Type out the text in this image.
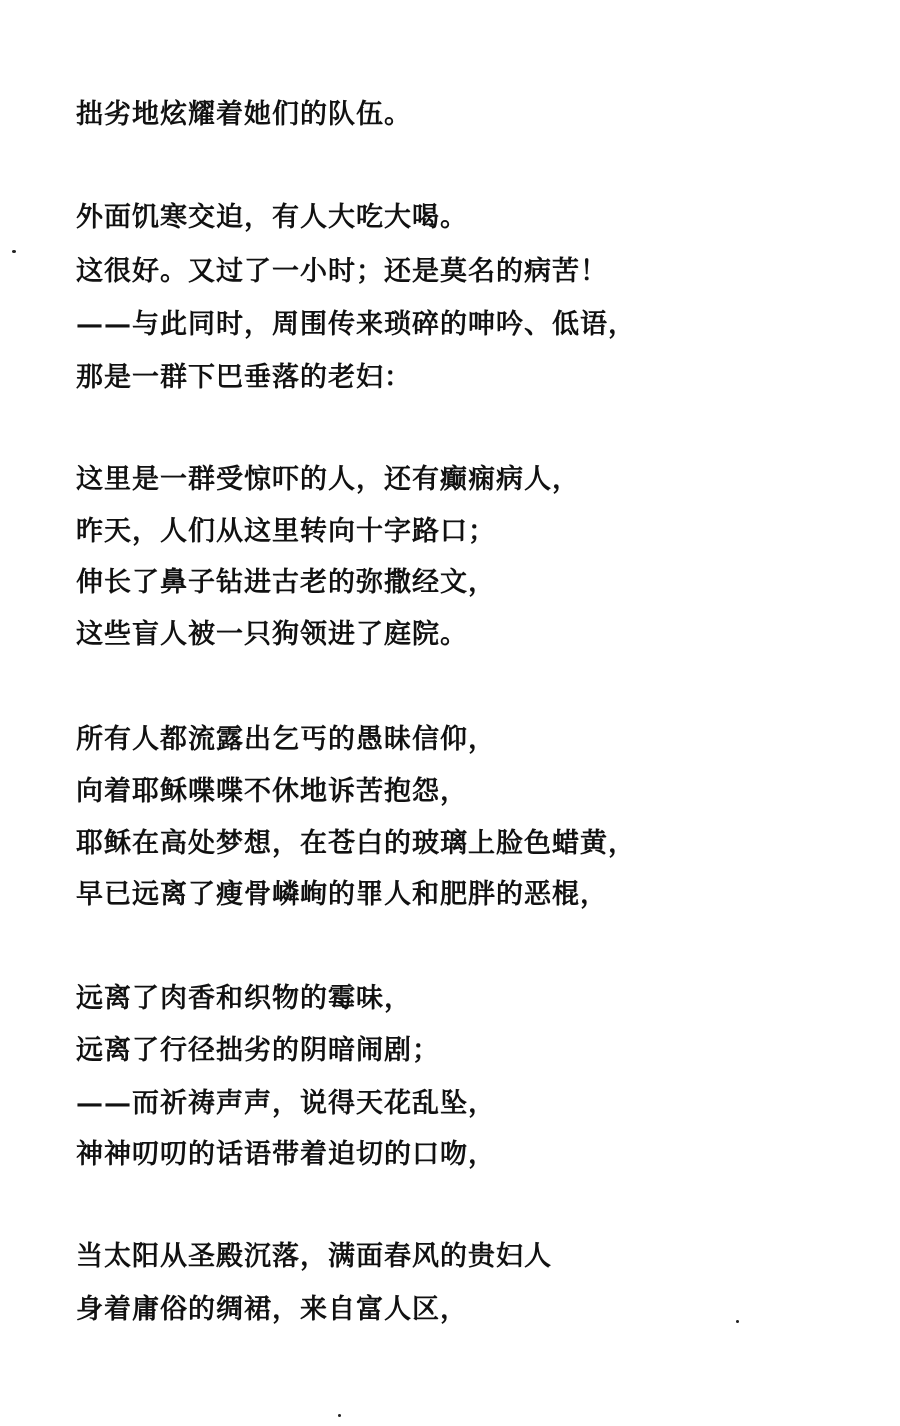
拙劣地炫耀着她们的队伍。
外面饥寒交迫，有人大吃大喝。
这很好。又过了一小时；还是莫名的病苦！
——与此同时，周围传来琐碎的呻吟、低语，
那是一群下巴垂落的老妇：
这里是一群受惊吓的人，还有癫痫病人，
昨天，人们从这里转向十字路口；
伸长了鼻子钻进古老的弥撒经文，
这些盲人被一只狗领进了庭院。
所有人都流露出乞丐的愚昧信仰，
向着耶稣喋喋不休地诉苦抱怨，
耶稣在高处梦想，在苍白的玻璃上脸色蜡黄，
早已远离了瘦骨嶙峋的罪人和肥胖的恶棍，
远离了肉香和织物的霉味，
远离了行径拙劣的阴暗闹剧；
——而祈祷声声，说得天花乱坠，
神神叨叨的话语带着迫切的口吻，
当太阳从圣殿沉落，满面春风的贵妇人
身着庸俗的绸裙，来自富人区，
